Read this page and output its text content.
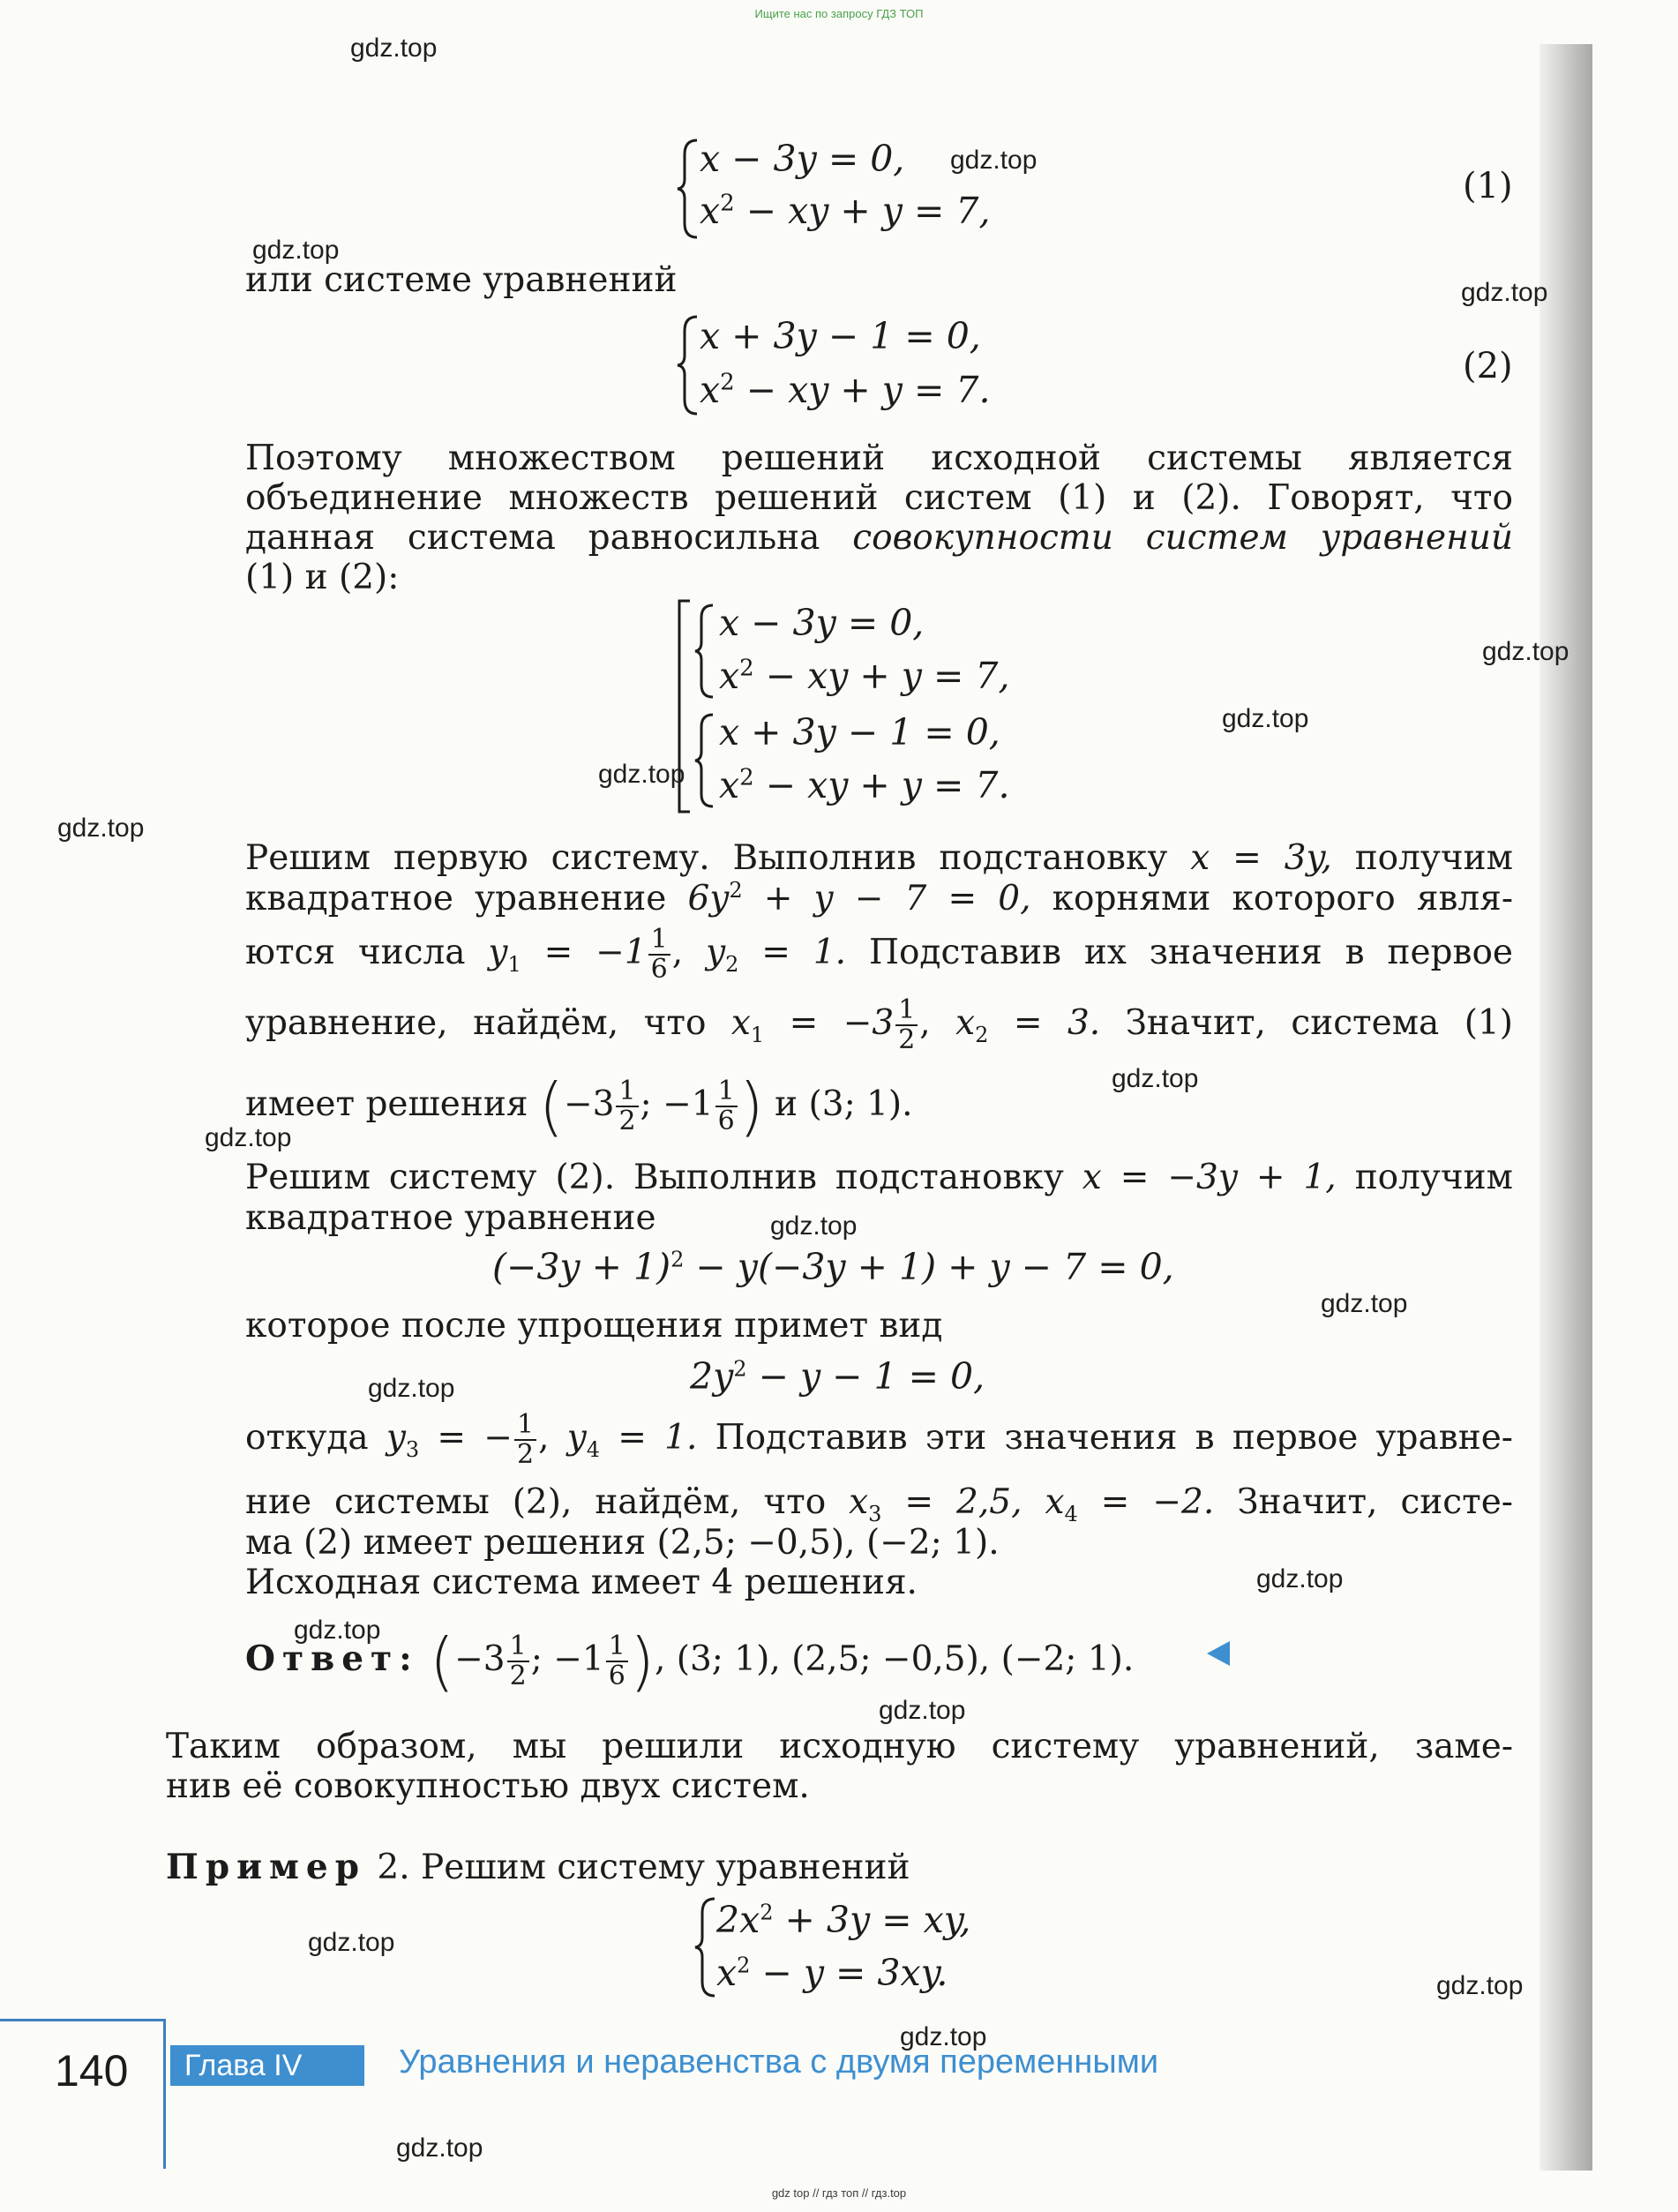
Ищите нас по запросу ГДЗ ТОП
x − 3y = 0,
$x^2$ − xy + y = 7,
(1)
или системе уравнений
x + 3y − 1 = 0,
$x^2$ − xy + y = 7.
(2)
Поэтому множеством решений исходной системы является
объединение множеств решений систем (1) и (2). Говорят, что
данная система равносильна совокупности систем уравнений
(1) и (2):
x − 3y = 0,
$x^2$ − xy + y = 7,
x + 3y − 1 = 0,
$x^2$ − xy + y = 7.
Решим первую систему. Выполнив подстановку x = 3y, получим
квадратное уравнение $6y^2 + y - 7 = 0$, корнями которого явля-
ются числа $y_1 = -1 \frac{1}{6}$ , $y_2 = 1$. Подставив их значения в первое
уравнение, найдём, что $x_1 = -3 \frac{1}{2}$ , $x_2 = 3$. Значит, система (1)
имеет решения ($-3 \frac{1}{2}$ ; $-1 \frac{1}{6}$ ) и (3; 1).
Решим систему (2). Выполнив подстановку x = −3y + 1, получим
квадратное уравнение
$(-3y + 1)^2 - y(-3y + 1) + y - 7 = 0$,
которое после упрощения примет вид
$2y^2 - y - 1 = 0$,
откуда $y_3$ = − $\frac{1}{2}$ , $y_4 = 1$. Подставив эти значения в первое уравне-
ние системы (2), найдём, что $x_3 = 2,5$, $x_4 = -2$. Значит, систе-
ма (2) имеет решения (2,5; −0,5), (−2; 1).
Исходная система имеет 4 решения.
Ответ: ($-3 \frac{1}{2}$ ; $-1 \frac{1}{6}$ ), (3; 1), (2,5; −0,5), (−2; 1).
Таким образом, мы решили исходную систему уравнений, заме-
нив её совокупностью двух систем.
Пример 2. Решим систему уравнений
$2x^2 + 3y$ = xy,
$x^2 - y = 3xy$.
140	Глава IV	Уравнения и неравенства с двумя переменными
gdz top // гдз топ // гдз.top
gdz.top
gdz.top
gdz.top
gdz.top
gdz.top
gdz.top
gdz.top
gdz.top
gdz.top
gdz.top
gdz.top
gdz.top
gdz.top
gdz.top
gdz.top
gdz.top
gdz.top
gdz.top
gdz.top
gdz.top
